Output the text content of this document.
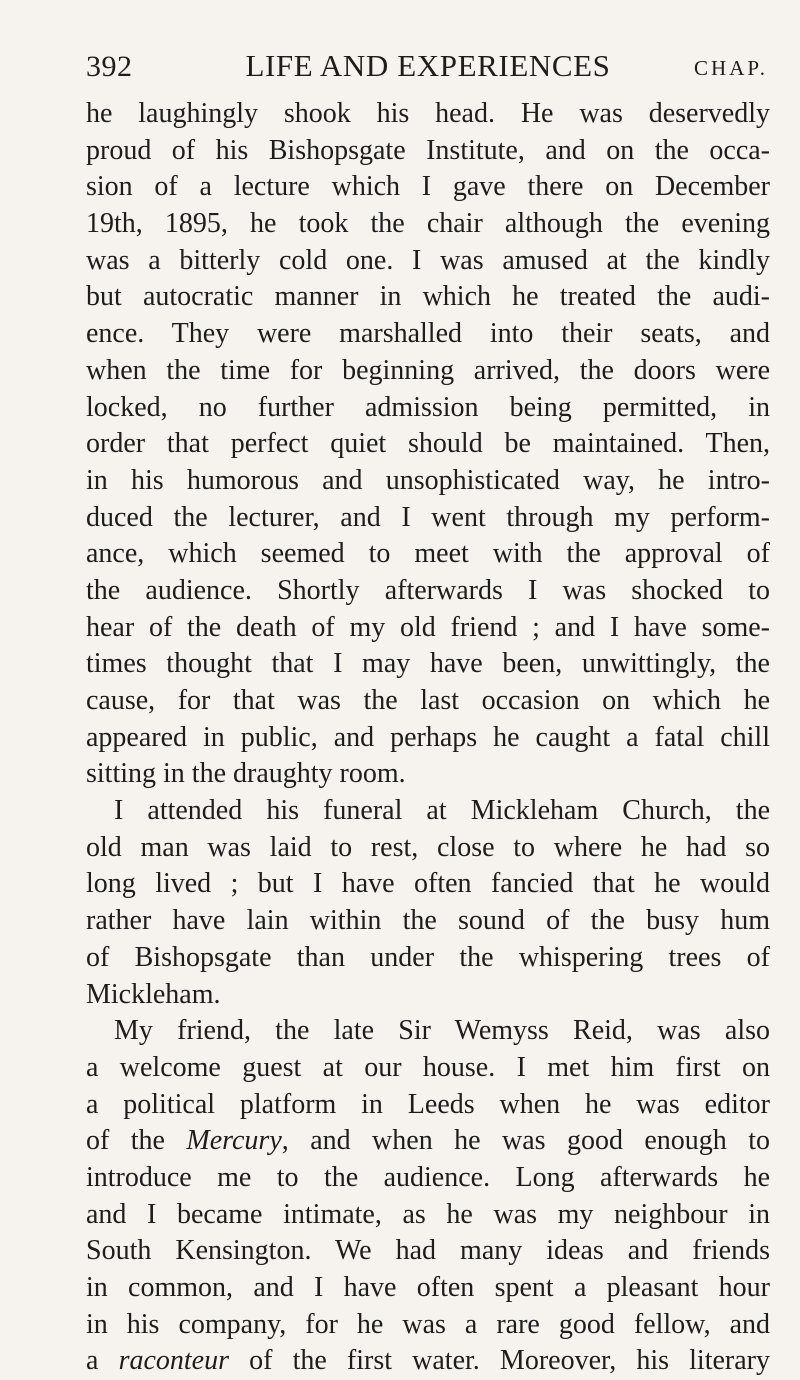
392	LIFE AND EXPERIENCES	CHAP.
he laughingly shook his head. He was deservedly
proud of his Bishopsgate Institute, and on the occa-
sion of a lecture which I gave there on December
19th, 1895, he took the chair although the evening
was a bitterly cold one. I was amused at the kindly
but autocratic manner in which he treated the audi-
ence. They were marshalled into their seats, and
when the time for beginning arrived, the doors were
locked, no further admission being permitted, in
order that perfect quiet should be maintained. Then,
in his humorous and unsophisticated way, he intro-
duced the lecturer, and I went through my perform-
ance, which seemed to meet with the approval of
the audience. Shortly afterwards I was shocked to
hear of the death of my old friend ; and I have some-
times thought that I may have been, unwittingly, the
cause, for that was the last occasion on which he
appeared in public, and perhaps he caught a fatal chill
sitting in the draughty room.
I attended his funeral at Mickleham Church, the
old man was laid to rest, close to where he had so
long lived ; but I have often fancied that he would
rather have lain within the sound of the busy hum
of Bishopsgate than under the whispering trees of
Mickleham.
My friend, the late Sir Wemyss Reid, was also
a welcome guest at our house. I met him first on
a political platform in Leeds when he was editor
of the Mercury, and when he was good enough to
introduce me to the audience. Long afterwards he
and I became intimate, as he was my neighbour in
South Kensington. We had many ideas and friends
in common, and I have often spent a pleasant hour
in his company, for he was a rare good fellow, and
a raconteur of the first water. Moreover, his literary
